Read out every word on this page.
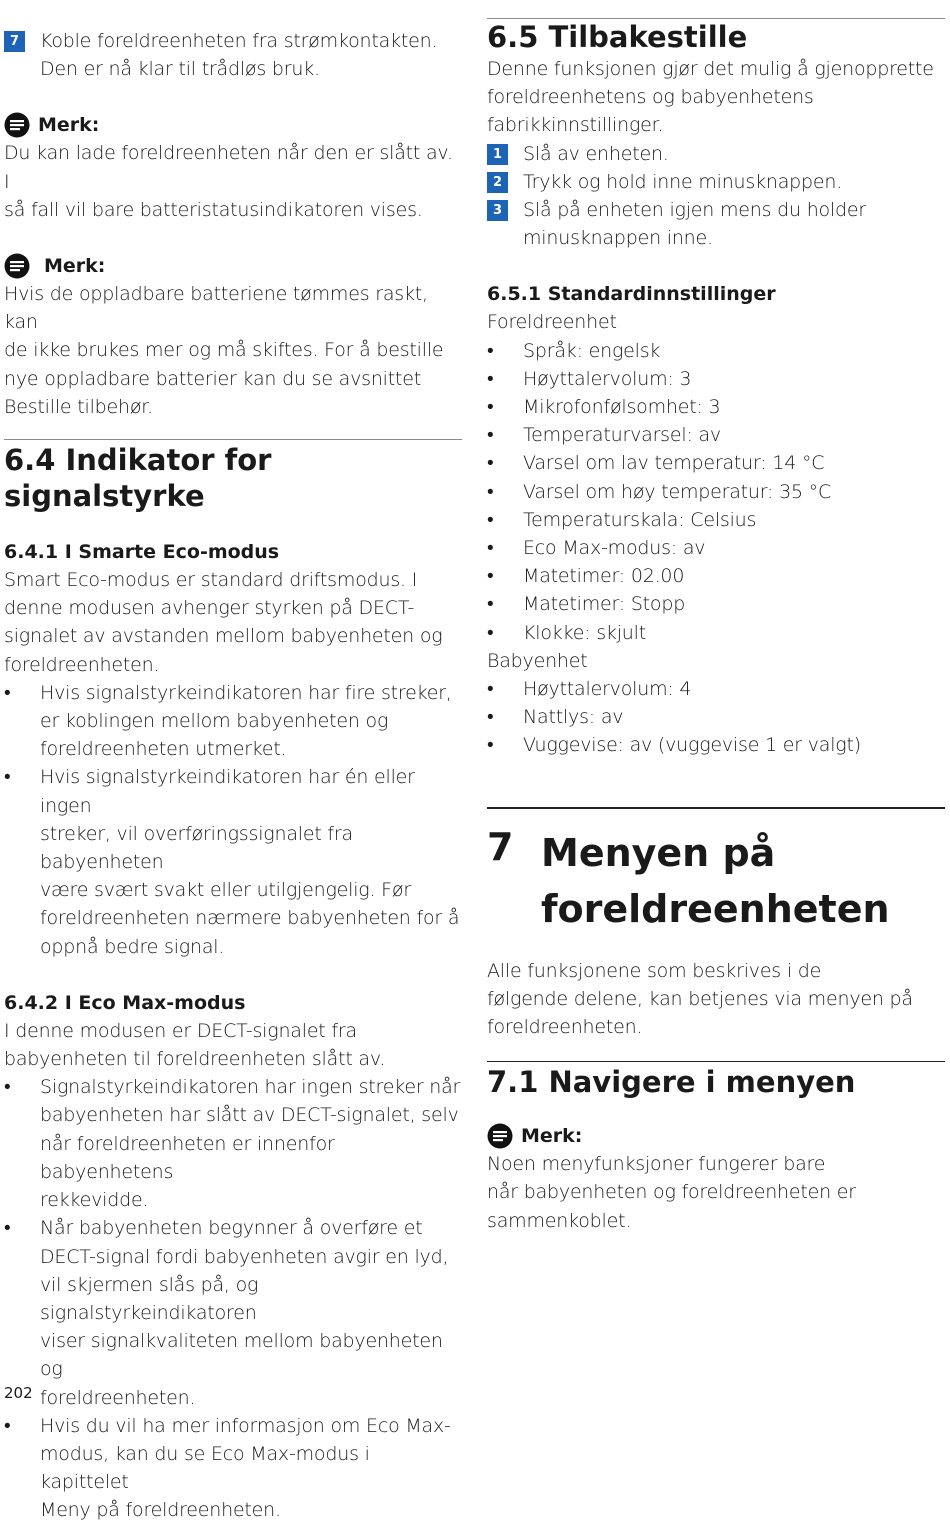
7	Koble foreldreenheten fra strømkontakten.

Den er nå klar til trådløs bruk.

Merk:

Du kan lade foreldreenheten når den er slått av. I

så fall vil bare batteristatusindikatoren vises.

Merk:

Hvis de oppladbare batteriene tømmes raskt, kan

de ikke brukes mer og må skiftes. For å bestille

nye oppladbare batterier kan du se avsnittet

Bestille tilbehør.

6.4 Indikator for signalstyrke
6.4.1 I Smarte Eco-modus

Smart Eco-modus er standard driftsmodus. I

denne modusen avhenger styrken på DECT-

signalet av avstanden mellom babyenheten og

foreldreenheten.

• Hvis signalstyrkeindikatoren har fire streker,

er koblingen mellom babyenheten og

foreldreenheten utmerket.

• Hvis signalstyrkeindikatoren har én eller ingen

streker, vil overføringssignalet fra babyenheten

være svært svakt eller utilgjengelig. Før

foreldreenheten nærmere babyenheten for å

oppnå bedre signal.

6.4.2 I Eco Max-modus

I denne modusen er DECT-signalet fra

babyenheten til foreldreenheten slått av.

• Signalstyrkeindikatoren har ingen streker når

babyenheten har slått av DECT-signalet, selv

når foreldreenheten er innenfor babyenhetens

rekkevidde.

• Når babyenheten begynner å overføre et

DECT-signal fordi babyenheten avgir en lyd,

vil skjermen slås på, og signalstyrkeindikatoren

viser signalkvaliteten mellom babyenheten og

foreldreenheten.

• Hvis du vil ha mer informasjon om Eco Max-

modus, kan du se Eco Max-modus i kapittelet

Meny på foreldreenheten.

6.5 Tilbakestille

Denne funksjonen gjør det mulig å gjenopprette

foreldreenhetens og babyenhetens

fabrikkinnstillinger.

1	Slå av enheten.

2	Trykk og hold inne minusknappen.

3	Slå på enheten igjen mens du holder

minusknappen inne.

6.5.1 Standardinnstillinger

Foreldreenhet

• Språk: engelsk

• Høyttalervolum: 3

• Mikrofonfølsomhet: 3

• Temperaturvarsel: av

• Varsel om lav temperatur: 14 °C

• Varsel om høy temperatur: 35 °C

• Temperaturskala: Celsius

• Eco Max-modus: av

• Matetimer: 02.00

• Matetimer: Stopp

• Klokke: skjult

Babyenhet

• Høyttalervolum: 4

• Nattlys: av

• Vuggevise: av (vuggevise 1 er valgt)

7 Menyen på
foreldreenheten

Alle funksjonene som beskrives i de

følgende delene, kan betjenes via menyen på

foreldreenheten.

7.1 Navigere i menyen
Merk:

Noen menyfunksjoner fungerer bare

når babyenheten og foreldreenheten er

sammenkoblet.

202
